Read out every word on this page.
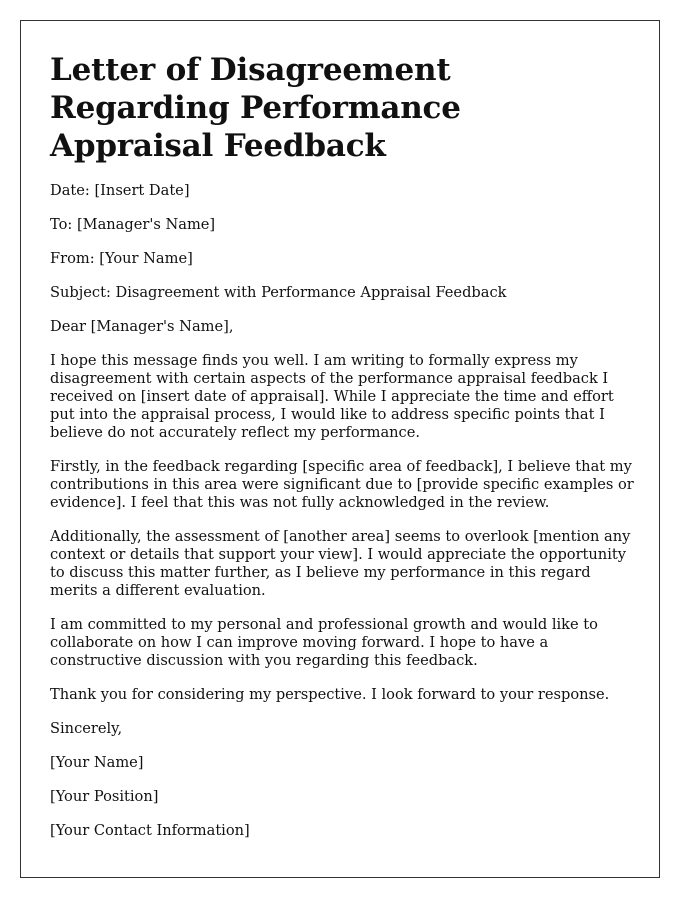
Letter of Disagreement Regarding Performance Appraisal Feedback

Date: [Insert Date]

To: [Manager's Name]

From: [Your Name]

Subject: Disagreement with Performance Appraisal Feedback

Dear [Manager's Name],

I hope this message finds you well. I am writing to formally express my disagreement with certain aspects of the performance appraisal feedback I received on [insert date of appraisal]. While I appreciate the time and effort put into the appraisal process, I would like to address specific points that I believe do not accurately reflect my performance.

Firstly, in the feedback regarding [specific area of feedback], I believe that my contributions in this area were significant due to [provide specific examples or evidence]. I feel that this was not fully acknowledged in the review.

Additionally, the assessment of [another area] seems to overlook [mention any context or details that support your view]. I would appreciate the opportunity to discuss this matter further, as I believe my performance in this regard merits a different evaluation.

I am committed to my personal and professional growth and would like to collaborate on how I can improve moving forward. I hope to have a constructive discussion with you regarding this feedback.

Thank you for considering my perspective. I look forward to your response.

Sincerely,

[Your Name]

[Your Position]

[Your Contact Information]
